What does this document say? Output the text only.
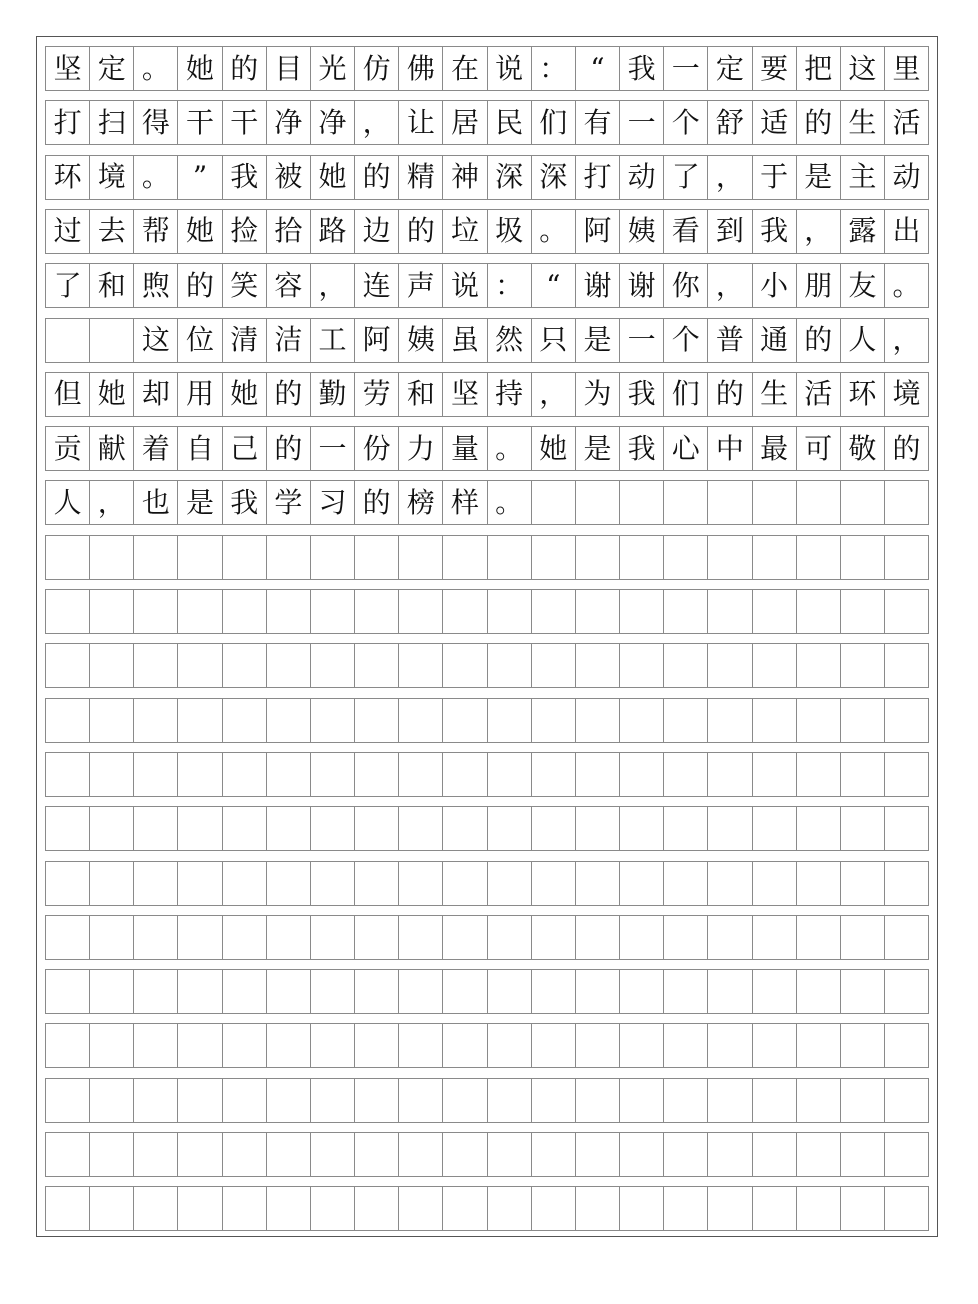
坚 定 。 她 的 目 光 仿 佛 在 说 ： “ 我 一 定 要 把 这 里
打 扫 得 干 干 净 净 ， 让 居 民 们 有 一 个 舒 适 的 生 活
环 境 。 ” 我 被 她 的 精 神 深 深 打 动 了 ， 于 是 主 动
过 去 帮 她 捡 拾 路 边 的 垃 圾 。 阿 姨 看 到 我 ， 露 出
了 和 煦 的 笑 容 ， 连 声 说 ： “ 谢 谢 你 ， 小 朋 友 。
这 位 清 洁 工 阿 姨 虽 然 只 是 一 个 普 通 的 人 ，
但 她 却 用 她 的 勤 劳 和 坚 持 ， 为 我 们 的 生 活 环 境
贡 献 着 自 己 的 一 份 力 量 。 她 是 我 心 中 最 可 敬 的
人 ， 也 是 我 学 习 的 榜 样 。
